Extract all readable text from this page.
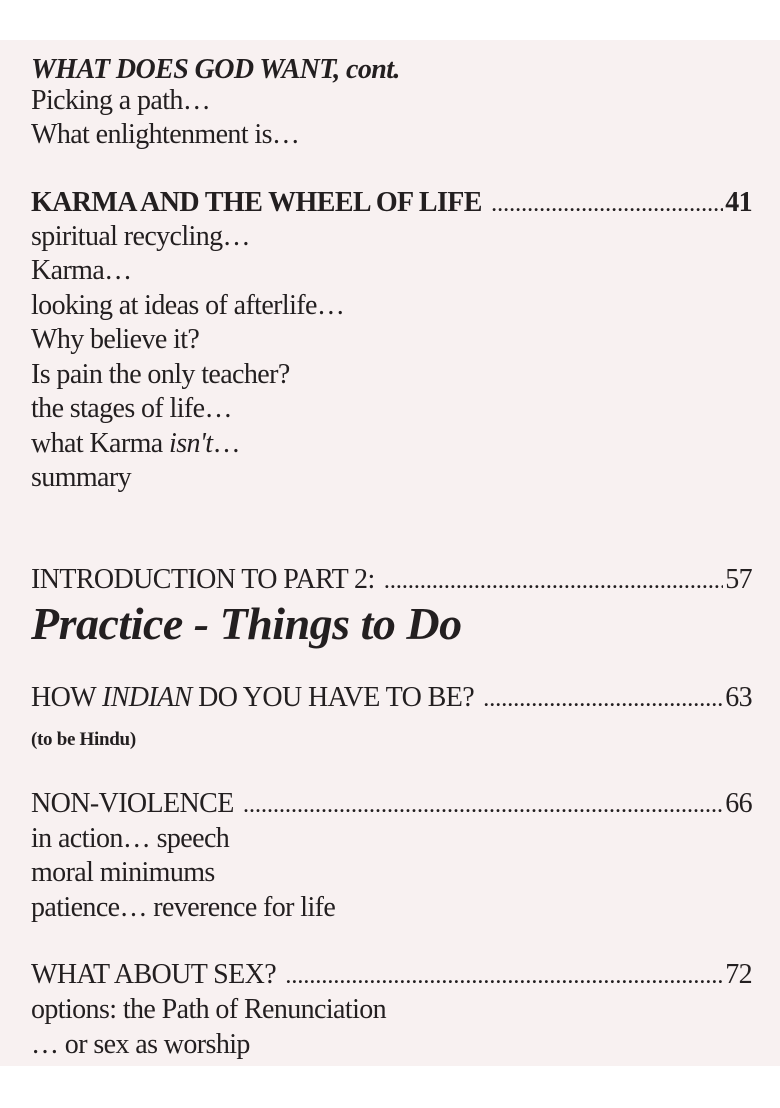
WHAT DOES GOD WANT, cont.
Picking a path…
What enlightenment is…
KARMA AND THE WHEEL OF LIFE . . .	41
spiritual recycling…
Karma…
looking at ideas of afterlife…
Why believe it?
Is pain the only teacher?
the stages of life…
what Karma isn't…
summary
INTRODUCTION TO PART 2: . . .	57
Practice - Things to Do
HOW INDIAN DO YOU HAVE TO BE? . . .	63
(to be Hindu)
NON-VIOLENCE . . .	66
in action… speech
moral minimums
patience… reverence for life
WHAT ABOUT SEX? . . .	72
options: the Path of Renunciation
… or sex as worship
